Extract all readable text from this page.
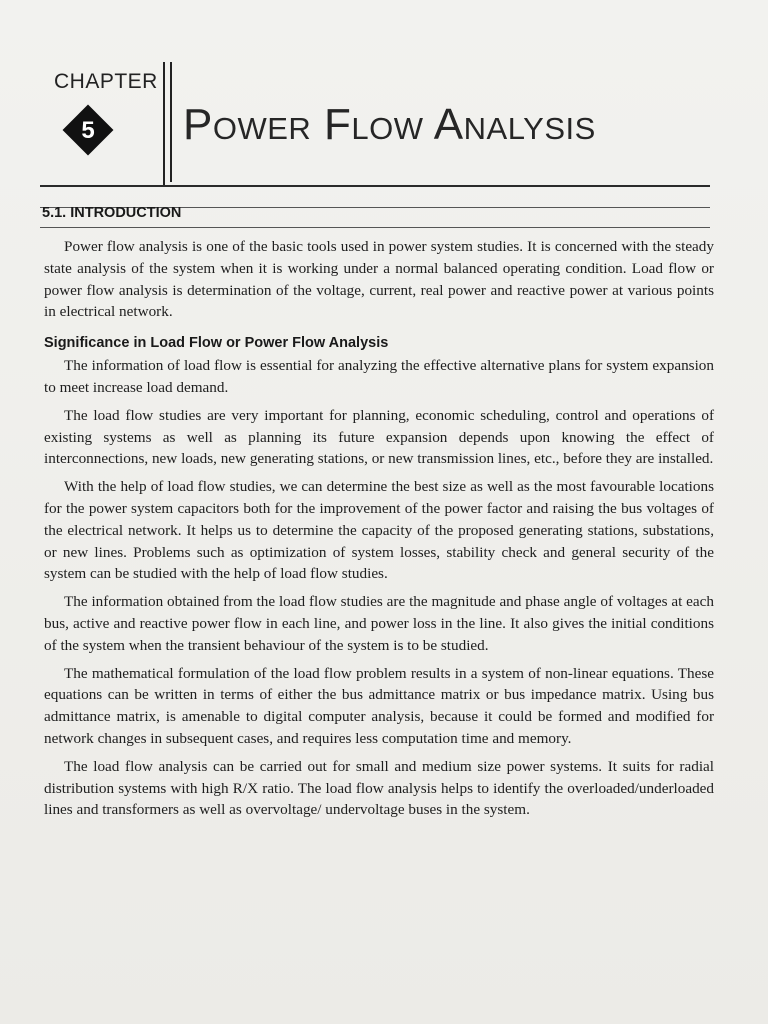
CHAPTER
5 Power Flow Analysis
5.1. INTRODUCTION

Power flow analysis is one of the basic tools used in power system studies. It is concerned with the steady state analysis of the system when it is working under a normal balanced operating condition. Load flow or power flow analysis is determination of the voltage, current, real power and reactive power at various points in electrical network.

Significance in Load Flow or Power Flow Analysis

The information of load flow is essential for analyzing the effective alternative plans for system expansion to meet increase load demand.

The load flow studies are very important for planning, economic scheduling, control and operations of existing systems as well as planning its future expansion depends upon knowing the effect of interconnections, new loads, new generating stations, or new transmission lines, etc., before they are installed.

With the help of load flow studies, we can determine the best size as well as the most favourable locations for the power system capacitors both for the improvement of the power factor and raising the bus voltages of the electrical network. It helps us to determine the capacity of the proposed generating stations, substations, or new lines. Problems such as optimization of system losses, stability check and general security of the system can be studied with the help of load flow studies.

The information obtained from the load flow studies are the magnitude and phase angle of voltages at each bus, active and reactive power flow in each line, and power loss in the line. It also gives the initial conditions of the system when the transient behaviour of the system is to be studied.

The mathematical formulation of the load flow problem results in a system of non-linear equations. These equations can be written in terms of either the bus admittance matrix or bus impedance matrix. Using bus admittance matrix, is amenable to digital computer analysis, because it could be formed and modified for network changes in subsequent cases, and requires less computation time and memory.

The load flow analysis can be carried out for small and medium size power systems. It suits for radial distribution systems with high R/X ratio. The load flow analysis helps to identify the overloaded/underloaded lines and transformers as well as overvoltage/ undervoltage buses in the system.
